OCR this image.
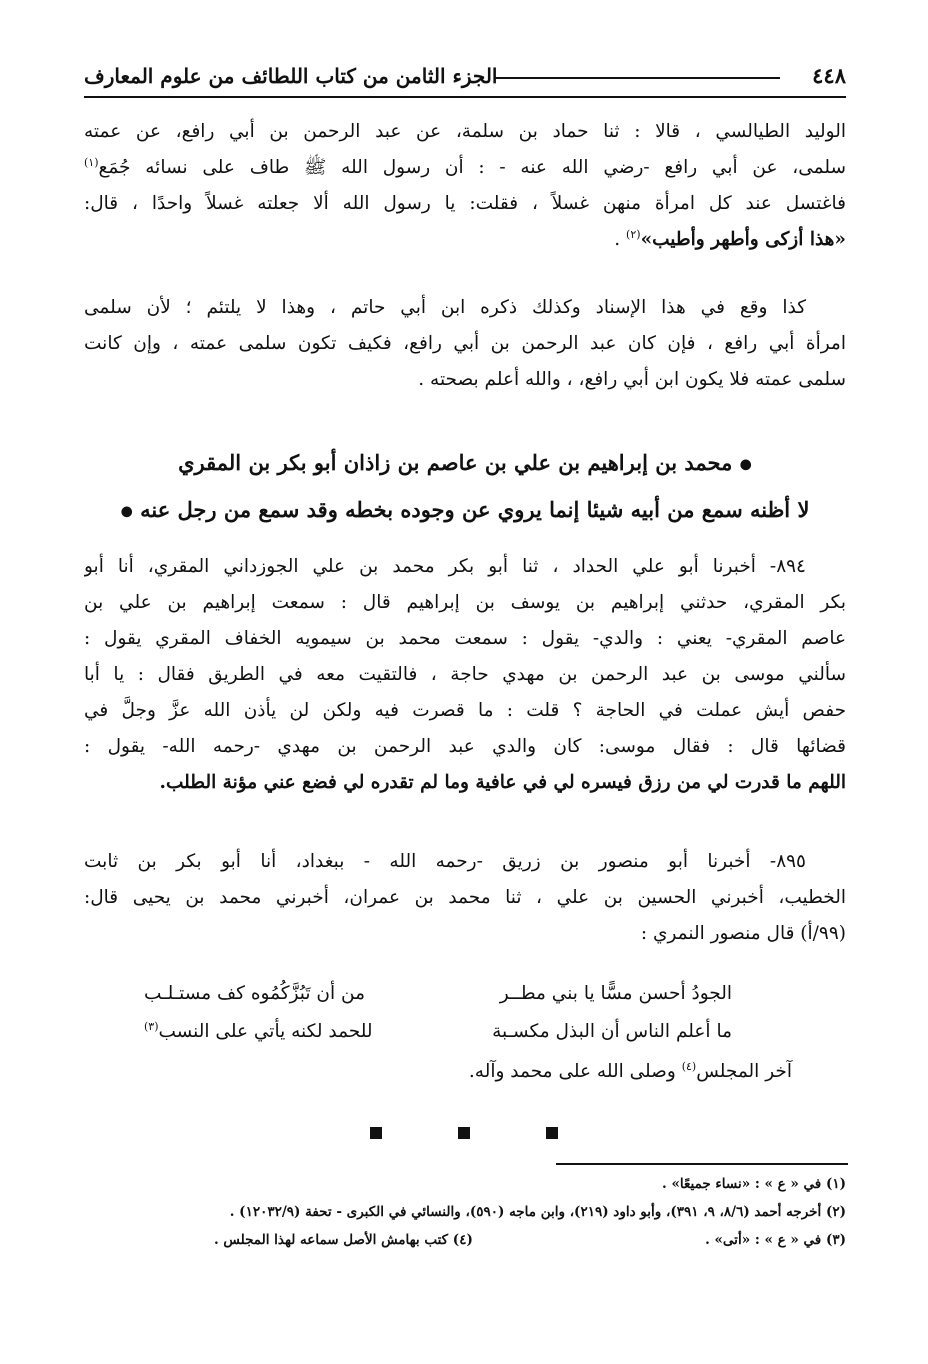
٤٤٨
الجزء الثامن من كتاب اللطائف من علوم المعارف
الوليد الطيالسي ، قالا : ثنا حماد بن سلمة، عن عبد الرحمن بن أبي رافع، عن عمته
سلمى، عن أبي رافع -رضي الله عنه - : أن رسول الله ﷺ طاف على نسائه جُمَع$^{(١)}$
فاغتسل عند كل امرأة منهن غسلاً ، فقلت: يا رسول الله ألا جعلته غسلاً واحدًا ، قال:
«هذا أزكى وأطهر وأطيب»$^{(٢)}$ .
كذا وقع في هذا الإسناد وكذلك ذكره ابن أبي حاتم ، وهذا لا يلتئم ؛ لأن سلمى
امرأة أبي رافع ، فإن كان عبد الرحمن بن أبي رافع، فكيف تكون سلمى عمته ، وإن كانت
سلمى عمته فلا يكون ابن أبي رافع، ، والله أعلم بصحته .
● محمد بن إبراهيم بن علي بن عاصم بن زاذان أبو بكر بن المقري
لا أظنه سمع من أبيه شيئا إنما يروي عن وجوده بخطه وقد سمع من رجل عنه ●
٨٩٤- أخبرنا أبو علي الحداد ، ثنا أبو بكر محمد بن علي الجوزداني المقري، أنا أبو
بكر المقري، حدثني إبراهيم بن يوسف بن إبراهيم قال : سمعت إبراهيم بن علي بن
عاصم المقري- يعني : والدي- يقول : سمعت محمد بن سيمويه الخفاف المقري يقول :
سألني موسى بن عبد الرحمن بن مهدي حاجة ، فالتقيت معه في الطريق فقال : يا أبا
حفص أيش عملت في الحاجة ؟ قلت : ما قصرت فيه ولكن لن يأذن الله عزَّ وجلَّ في
قضائها قال : فقال موسى: كان والدي عبد الرحمن بن مهدي -رحمه الله- يقول :
اللهم ما قدرت لي من رزق فيسره لي في عافية وما لم تقدره لي فضع عني مؤنة الطلب.
٨٩٥- أخبرنا أبو منصور بن زريق -رحمه الله - ببغداد، أنا أبو بكر بن ثابت
الخطيب، أخبرني الحسين بن علي ، ثنا محمد بن عمران، أخبرني محمد بن يحيى قال:
(٩٩/أ) قال منصور النمري :
الجودُ أحسن مسًّا يا بني مطــر
من أن تَبُزَّكُمُوه كف مستـلـب
ما أعلم الناس أن البذل مكسـبة
للحمد لكنه يأتي على النسب$^{(٣)}$
آخر المجلس$^{(٤)}$ وصلى الله على محمد وآله.
(١) في « ع » : «نساء جميعًا» .
(٢) أخرجه أحمد (٨/٦، ٩، ٣٩١)، وأبو داود (٢١٩)، وابن ماجه (٥٩٠)، والنسائي في الكبرى - تحفة (١٢٠٣٢/٩) .
(٣) في « ع » : «أتى» .
(٤) كتب بهامش الأصل سماعه لهذا المجلس .
